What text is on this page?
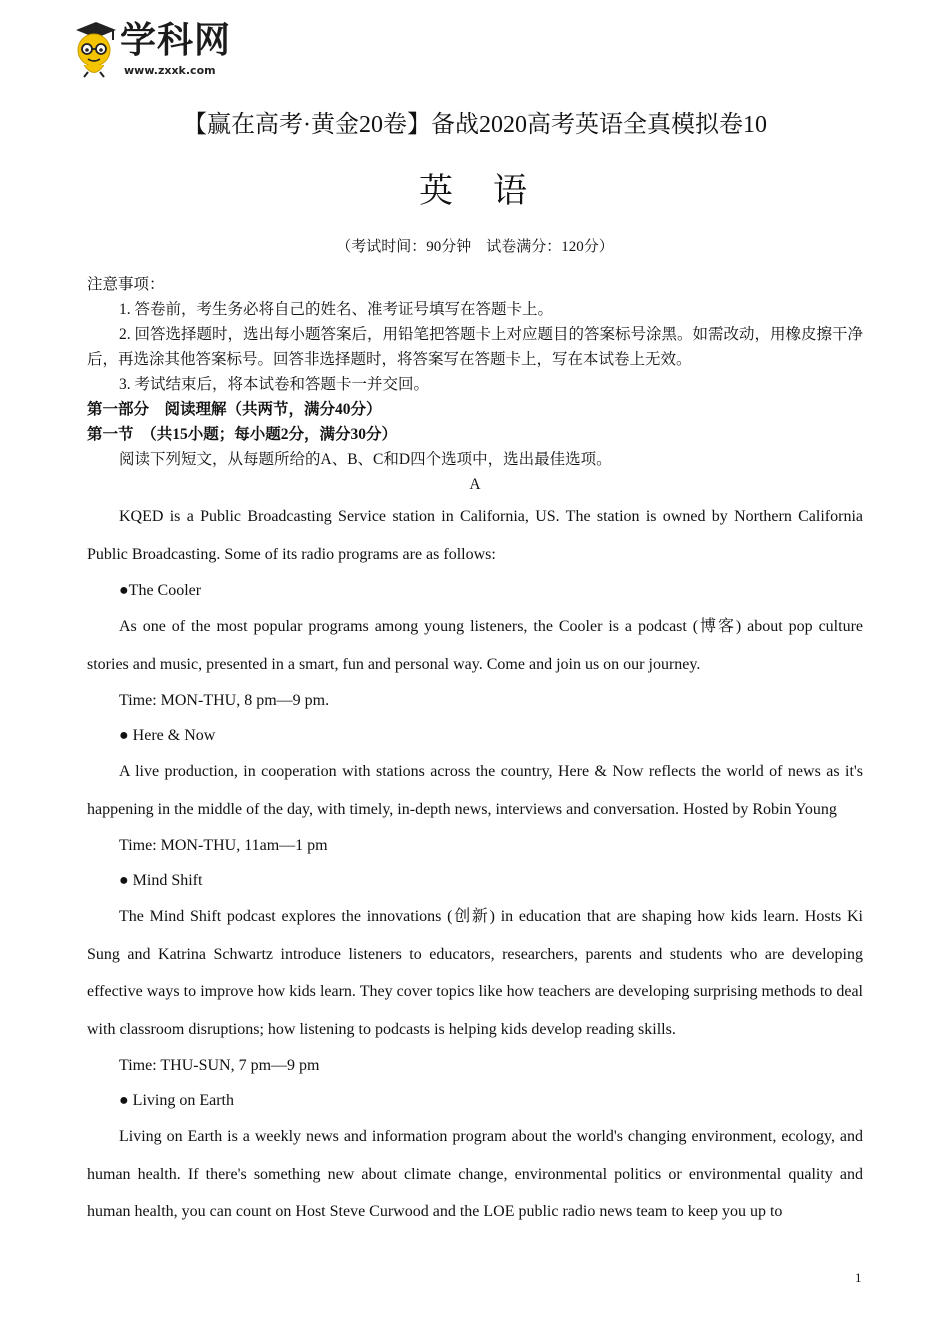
学科网
www.zxxk.com
【赢在高考·黄金20卷】备战2020高考英语全真模拟卷10
英 语
（考试时间：90分钟　试卷满分：120分）

注意事项：

1. 答卷前，考生务必将自己的姓名、准考证号填写在答题卡上。

2. 回答选择题时，选出每小题答案后，用铅笔把答题卡上对应题目的答案标号涂黑。如需改动，用橡皮擦干净后，再选涂其他答案标号。回答非选择题时，将答案写在答题卡上，写在本试卷上无效。

3. 考试结束后，将本试卷和答题卡一并交回。

第一部分　阅读理解（共两节，满分40分）

第一节　（共15小题；每小题2分，满分30分）

阅读下列短文，从每题所给的A、B、C和D四个选项中，选出最佳选项。

A

KQED is a Public Broadcasting Service station in California, US. The station is owned by Northern California Public Broadcasting. Some of its radio programs are as follows:

●The Cooler

As one of the most popular programs among young listeners, the Cooler is a podcast (博客) about pop culture stories and music, presented in a smart, fun and personal way. Come and join us on our journey.

Time: MON-THU, 8 pm—9 pm.

● Here & Now

A live production, in cooperation with stations across the country, Here & Now reflects the world of news as it's happening in the middle of the day, with timely, in-depth news, interviews and conversation. Hosted by Robin Young

Time: MON-THU, 11am—1 pm

● Mind Shift

The Mind Shift podcast explores the innovations (创新) in education that are shaping how kids learn. Hosts Ki Sung and Katrina Schwartz introduce listeners to educators, researchers, parents and students who are developing effective ways to improve how kids learn. They cover topics like how teachers are developing surprising methods to deal with classroom disruptions; how listening to podcasts is helping kids develop reading skills.

Time: THU-SUN, 7 pm—9 pm

● Living on Earth

Living on Earth is a weekly news and information program about the world's changing environment, ecology, and human health. If there's something new about climate change, environmental politics or environmental quality and human health, you can count on Host Steve Curwood and the LOE public radio news team to keep you up to

1
